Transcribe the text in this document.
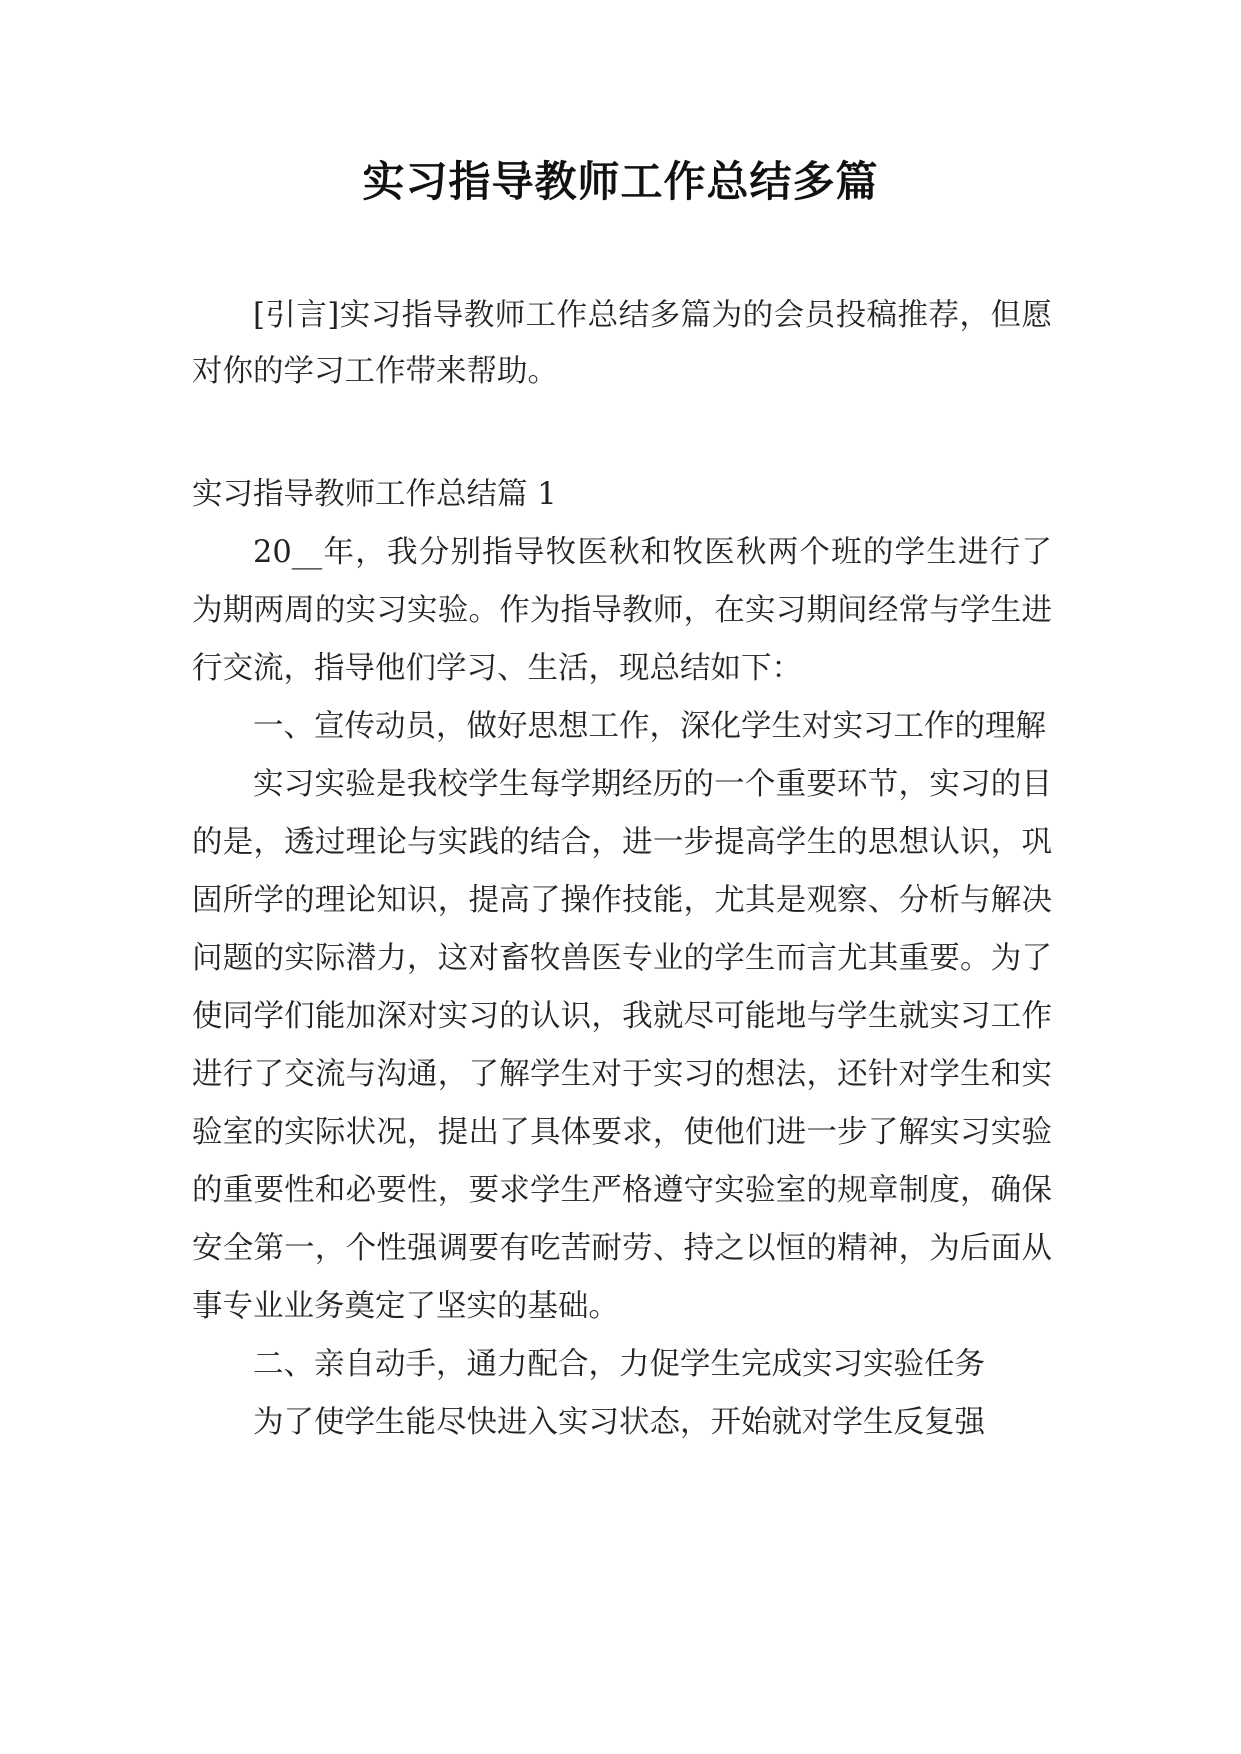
实习指导教师工作总结多篇

[引言]实习指导教师工作总结多篇为的会员投稿推荐，但愿对你的学习工作带来帮助。

实习指导教师工作总结篇 1

20__年，我分别指导牧医秋和牧医秋两个班的学生进行了为期两周的实习实验。作为指导教师，在实习期间经常与学生进行交流，指导他们学习、生活，现总结如下：

一、宣传动员，做好思想工作，深化学生对实习工作的理解

实习实验是我校学生每学期经历的一个重要环节，实习的目的是，透过理论与实践的结合，进一步提高学生的思想认识，巩固所学的理论知识，提高了操作技能，尤其是观察、分析与解决问题的实际潜力，这对畜牧兽医专业的学生而言尤其重要。为了使同学们能加深对实习的认识，我就尽可能地与学生就实习工作进行了交流与沟通，了解学生对于实习的想法，还针对学生和实验室的实际状况，提出了具体要求，使他们进一步了解实习实验的重要性和必要性，要求学生严格遵守实验室的规章制度，确保安全第一，个性强调要有吃苦耐劳、持之以恒的精神，为后面从事专业业务奠定了坚实的基础。

二、亲自动手，通力配合，力促学生完成实习实验任务

为了使学生能尽快进入实习状态，开始就对学生反复强
